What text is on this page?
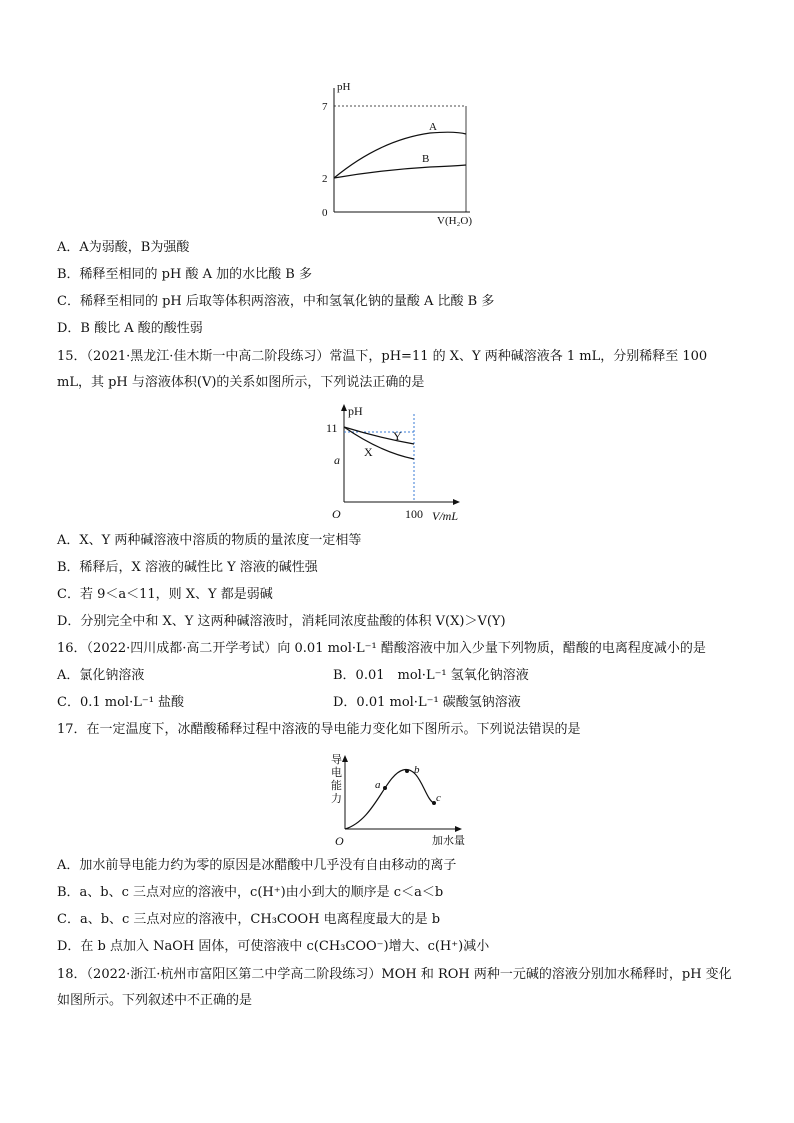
pH
7
2
0
V(H₂O)
A
B
A．A为弱酸，B为强酸
B．稀释至相同的 pH 酸 A 加的水比酸 B 多
C．稀释至相同的 pH 后取等体积两溶液，中和氢氧化钠的量酸 A 比酸 B 多
D．B 酸比 A 酸的酸性弱
15．（2021·黑龙江·佳木斯一中高二阶段练习）常温下，pH=11 的 X、Y 两种碱溶液各 1 mL，分别稀释至 100 mL，其 pH 与溶液体积(V)的关系如图所示，下列说法正确的是
pH
11
a
O	100 V/mL
Y
X
A．X、Y 两种碱溶液中溶质的物质的量浓度一定相等
B．稀释后，X 溶液的碱性比 Y 溶液的碱性强
C．若 9＜a＜11，则 X、Y 都是弱碱
D．分别完全中和 X、Y 这两种碱溶液时，消耗同浓度盐酸的体积 V(X)＞V(Y)
16．（2022·四川成都·高二开学考试）向 0.01 mol·L⁻¹ 醋酸溶液中加入少量下列物质，醋酸的电离程度减小的是
A．氯化钠溶液	B．0.01　mol·L⁻¹ 氢氧化钠溶液
C．0.1 mol·L⁻¹ 盐酸	D．0.01 mol·L⁻¹ 碳酸氢钠溶液
17．在一定温度下，冰醋酸稀释过程中溶液的导电能力变化如下图所示。下列说法错误的是
a
b
c
导
电
能
力
O	加水量
A．加水前导电能力约为零的原因是冰醋酸中几乎没有自由移动的离子
B．a、b、c 三点对应的溶液中，c(H⁺)由小到大的顺序是 c＜a＜b
C．a、b、c 三点对应的溶液中，CH₃COOH 电离程度最大的是 b
D．在 b 点加入 NaOH 固体，可使溶液中 c(CH₃COO⁻)增大、c(H⁺)减小
18．（2022·浙江·杭州市富阳区第二中学高二阶段练习）MOH 和 ROH 两种一元碱的溶液分别加水稀释时，pH 变化如图所示。下列叙述中不正确的是
